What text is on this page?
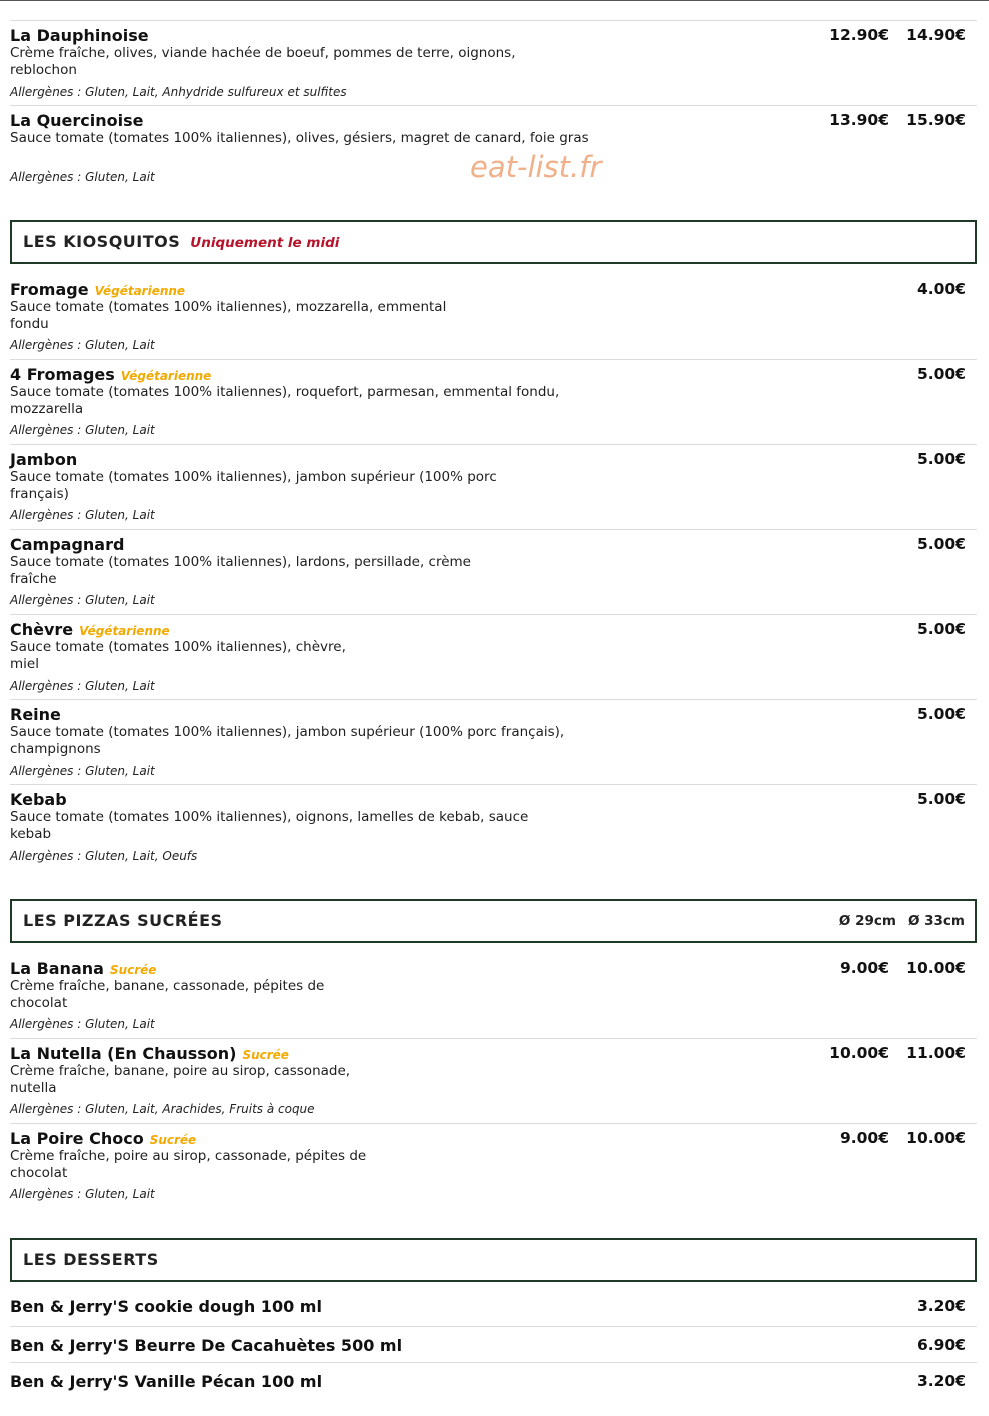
La Dauphinoise
Crème fraîche, olives, viande hachée de boeuf, pommes de terre, oignons, reblochon
Allergènes : Gluten, Lait, Anhydride sulfureux et sulfites
12.90€ 14.90€
La Quercinoise
Sauce tomate (tomates 100% italiennes), olives, gésiers, magret de canard, foie gras
Allergènes : Gluten, Lait
13.90€ 15.90€
eat-list.fr
LES KIOSQUITOS Uniquement le midi
Fromage Végétarienne
Sauce tomate (tomates 100% italiennes), mozzarella, emmental fondu
Allergènes : Gluten, Lait
4.00€
4 Fromages Végétarienne
Sauce tomate (tomates 100% italiennes), roquefort, parmesan, emmental fondu, mozzarella
Allergènes : Gluten, Lait
5.00€
Jambon
Sauce tomate (tomates 100% italiennes), jambon supérieur (100% porc français)
Allergènes : Gluten, Lait
5.00€
Campagnard
Sauce tomate (tomates 100% italiennes), lardons, persillade, crème fraîche
Allergènes : Gluten, Lait
5.00€
Chèvre Végétarienne
Sauce tomate (tomates 100% italiennes), chèvre, miel
Allergènes : Gluten, Lait
5.00€
Reine
Sauce tomate (tomates 100% italiennes), jambon supérieur (100% porc français), champignons
Allergènes : Gluten, Lait
5.00€
Kebab
Sauce tomate (tomates 100% italiennes), oignons, lamelles de kebab, sauce kebab
Allergènes : Gluten, Lait, Oeufs
5.00€
LES PIZZAS SUCRÉES	Ø 29cm Ø 33cm
La Banana Sucrée
Crème fraîche, banane, cassonade, pépites de chocolat
Allergènes : Gluten, Lait
9.00€ 10.00€
La Nutella (En Chausson) Sucrée
Crème fraîche, banane, poire au sirop, cassonade, nutella
Allergènes : Gluten, Lait, Arachides, Fruits à coque
10.00€ 11.00€
La Poire Choco Sucrée
Crème fraîche, poire au sirop, cassonade, pépites de chocolat
Allergènes : Gluten, Lait
9.00€ 10.00€
LES DESSERTS
Ben & Jerry'S cookie dough 100 ml	3.20€
Ben & Jerry'S Beurre De Cacahuètes 500 ml	6.90€
Ben & Jerry'S Vanille Pécan 100 ml	3.20€
